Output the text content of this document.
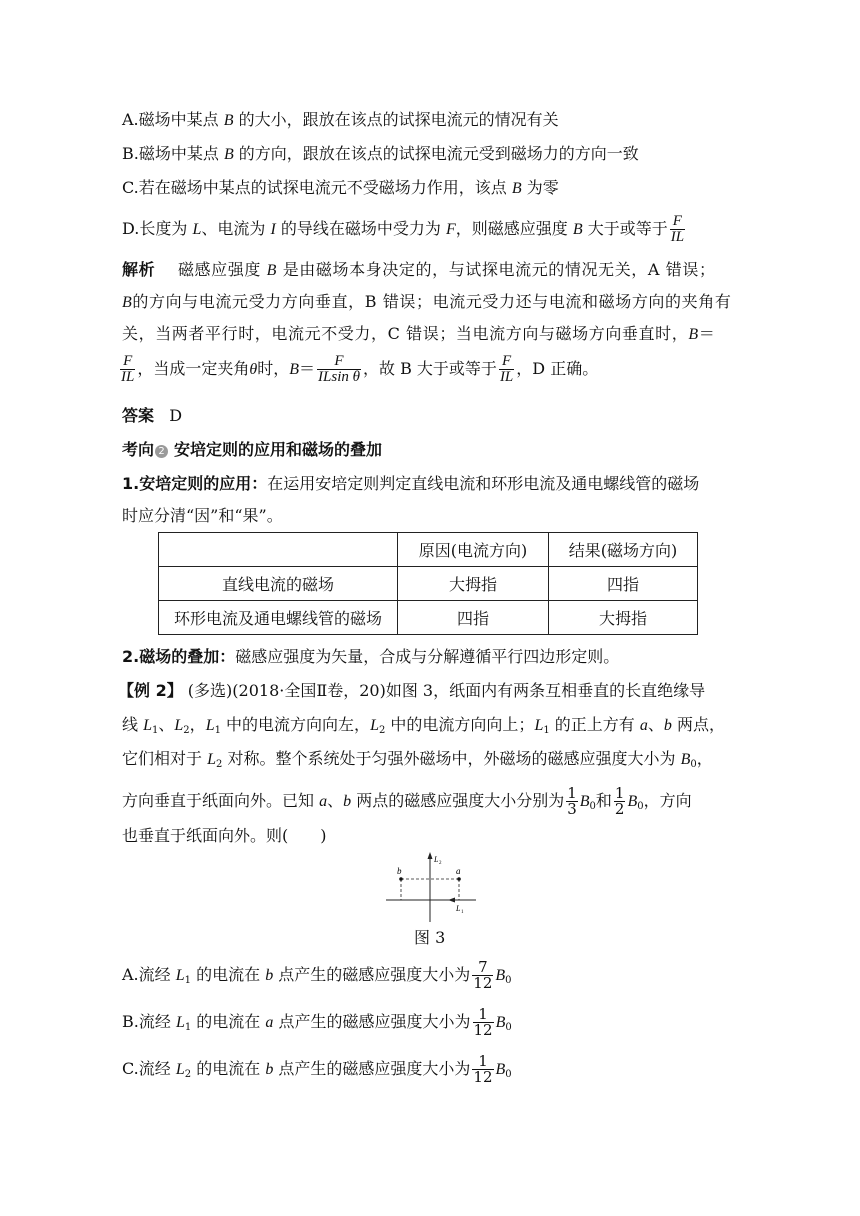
A.磁场中某点 B 的大小，跟放在该点的试探电流元的情况有关
B.磁场中某点 B 的方向，跟放在该点的试探电流元受到磁场力的方向一致
C.若在磁场中某点的试探电流元不受磁场力作用，该点 B 为零
D.长度为 L、电流为 I 的导线在磁场中受力为 F，则磁感应强度 B 大于或等于 $\frac{F}{IL}$
解析 磁感应强度 B 是由磁场本身决定的，与试探电流元的情况无关，A 错误；
B的方向与电流元受力方向垂直，B 错误；电流元受力还与电流和磁场方向的夹角有
关，当两者平行时，电流元不受力，C 错误；当电流方向与磁场方向垂直时，B＝
$\frac{F}{IL}$ ，当成一定夹角θ时，$B= \frac{F}{\text{ILsin θ}}$ ，故 B 大于或等于 $\frac{F}{IL}$ ，D 正确。
答案 D
考向 2 安培定则的应用和磁场的叠加
1.安培定则的应用：在运用安培定则判定直线电流和环形电流及通电螺线管的磁场
时应分清“因”和“果”。
	原因(电流方向)	结果(磁场方向)
直线电流的磁场	大拇指	四指
环形电流及通电螺线管的磁场	四指	大拇指
2.磁场的叠加：磁感应强度为矢量，合成与分解遵循平行四边形定则。
【例 2】 (多选)(2018·全国Ⅱ卷，20)如图 3，纸面内有两条互相垂直的长直绝缘导
线 $L_1$、$L_2$，$L_1$ 中的电流方向向左，$L_2$ 中的电流方向向上；$L_1$ 的正上方有 a、b 两点，
它们相对于 $L_2$ 对称。整个系统处于匀强外磁场中，外磁场的磁感应强度大小为 $B_0$，
方向垂直于纸面向外。已知 a、b 两点的磁感应强度大小分别为 $\frac{1}{3} B_0$和 $\frac{1}{2} B_0$，方向
也垂直于纸面向外。则(　　)
b	a
L 2
L 1
图 3
A.流经 $L_1$ 的电流在 b 点产生的磁感应强度大小为 $\frac{7}{12} B_0$
B.流经 $L_1$ 的电流在 a 点产生的磁感应强度大小为 $\frac{1}{12} B_0$
C.流经 $L_2$ 的电流在 b 点产生的磁感应强度大小为 $\frac{1}{12} B_0$
